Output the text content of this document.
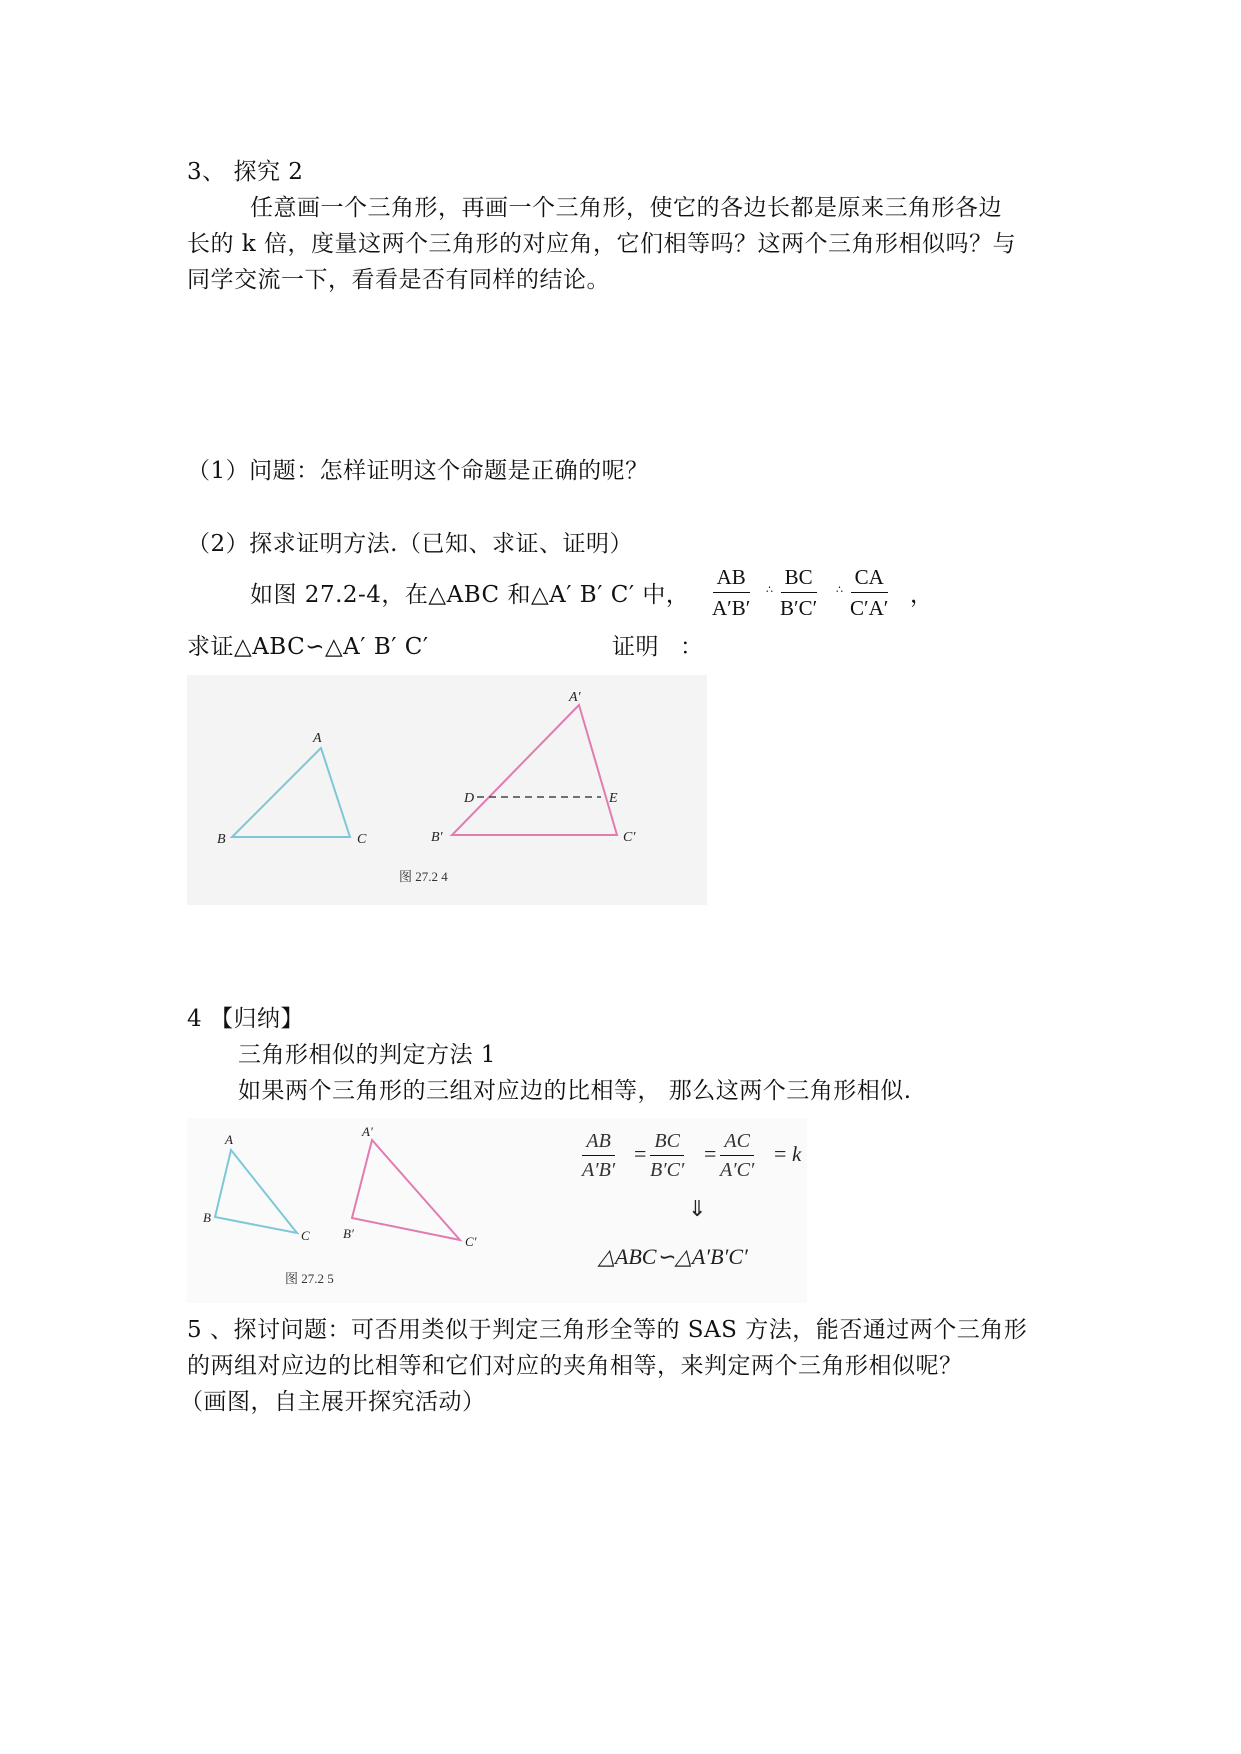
3、 探究 2
任意画一个三角形，再画一个三角形，使它的各边长都是原来三角形各边
长的 k 倍，度量这两个三角形的对应角，它们相等吗？这两个三角形相似吗？与
同学交流一下，看看是否有同样的结论。
（1）问题：怎样证明这个命题是正确的呢？
（2）探求证明方法.（已知、求证、证明）
如图 27.2-4，在△ABC 和△A′ B′ C′ 中， $\frac{AB}{A'B'}$ ∴ $\frac{BC}{B'C'}$ ∴ $\frac{CA}{C'A'}$ ，
求证△ABC∽△A′ B′ C′	证明 ：
A
B	C
A′
B′	C′
D	E
图 27.2 4
4 【归纳】
三角形相似的判定方法 1
如果两个三角形的三组对应边的比相等， 那么这两个三角形相似.
A
B
C
A′
B′
C′
图 27.2 5
$\frac{AB}{A'B'} = \frac{BC}{B'C'} = \frac{AC}{A'C'} = k$
⇓
△ABC∽△A′B′C′
5 、探讨问题：可否用类似于判定三角形全等的 SAS 方法，能否通过两个三角形
的两组对应边的比相等和它们对应的夹角相等，来判定两个三角形相似呢？
（画图，自主展开探究活动）
